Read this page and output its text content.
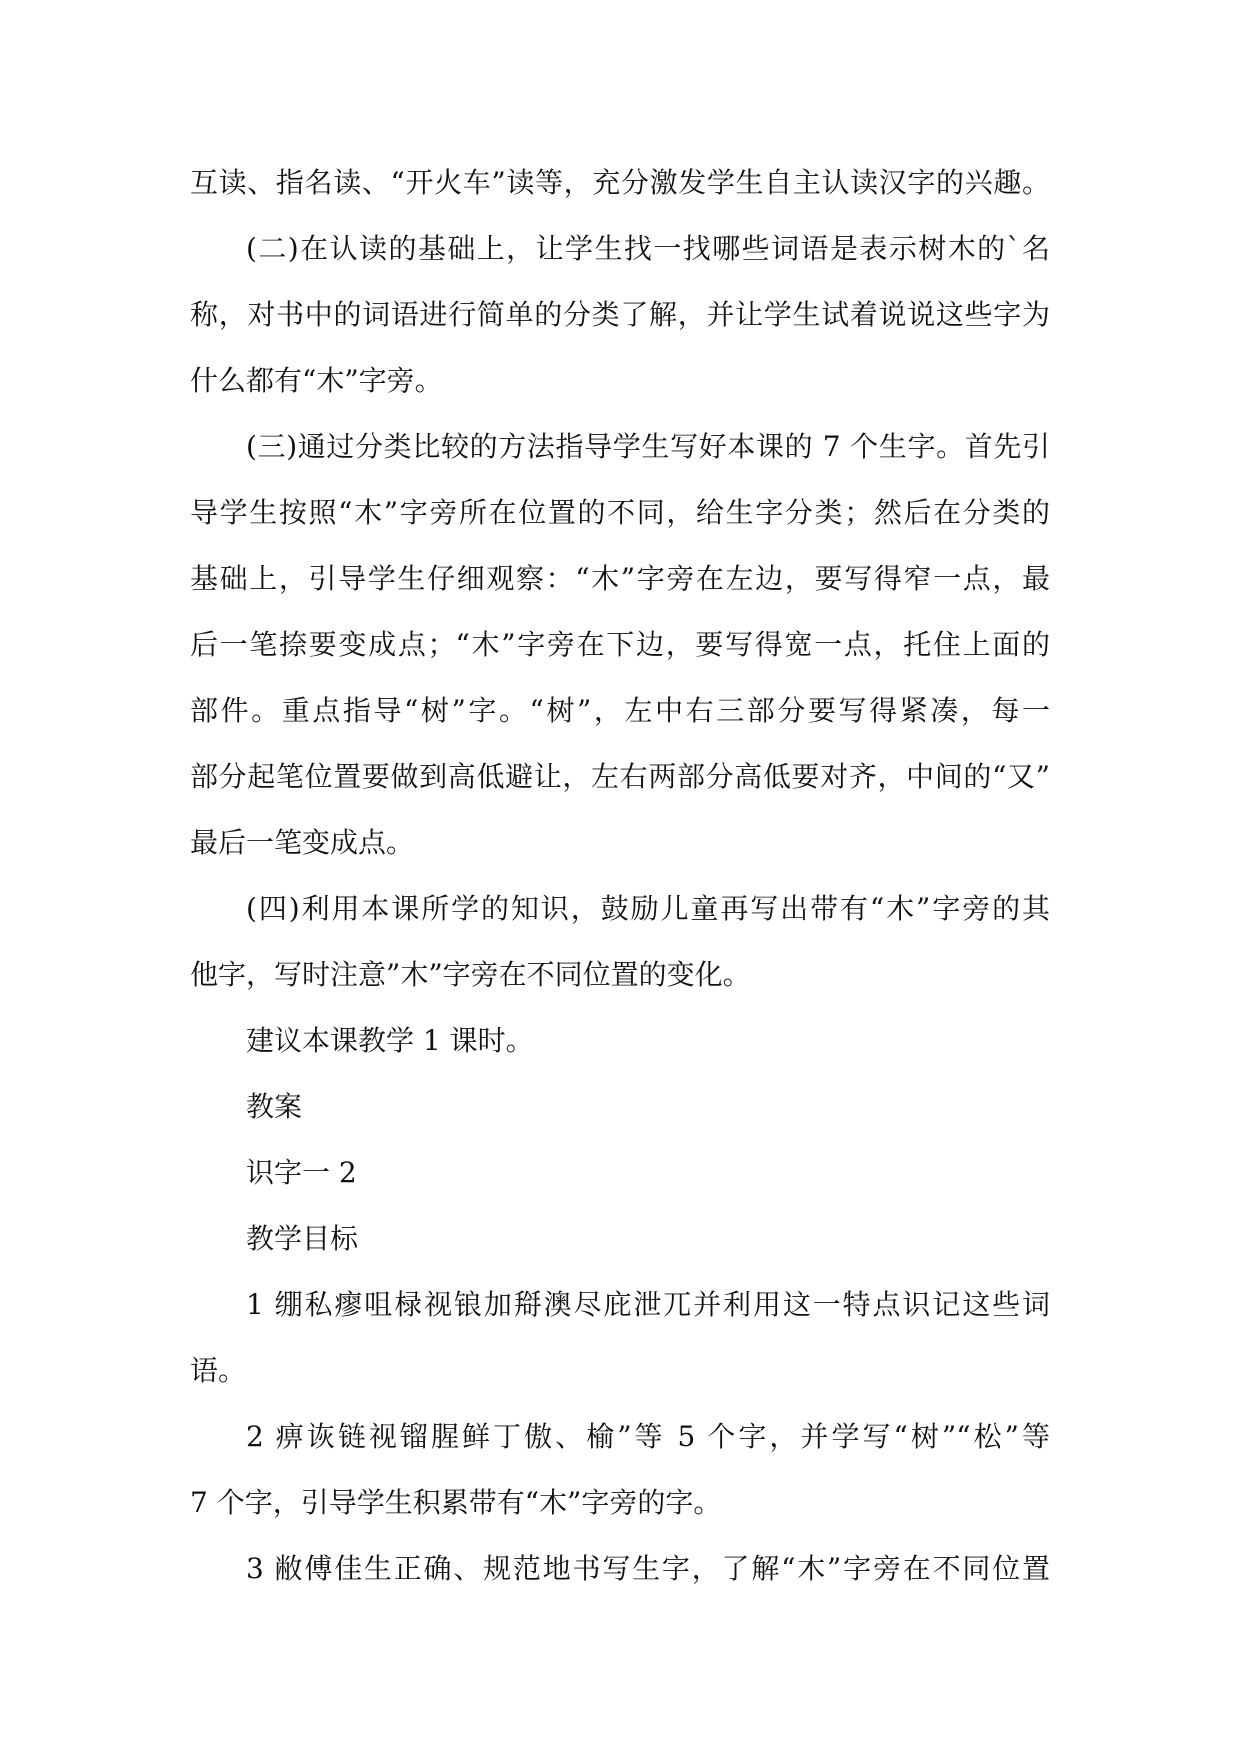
互读、指名读、“开火车”读等，充分激发学生自主认读汉字的兴趣。

(二)在认读的基础上，让学生找一找哪些词语是表示树木的`名

称，对书中的词语进行简单的分类了解，并让学生试着说说这些字为

什么都有“木”字旁。

(三)通过分类比较的方法指导学生写好本课的 7 个生字。首先引

导学生按照“木”字旁所在位置的不同，给生字分类；然后在分类的

基础上，引导学生仔细观察：“木”字旁在左边，要写得窄一点，最

后一笔捺要变成点；“木”字旁在下边，要写得宽一点，托住上面的

部件。重点指导“树”字。“树”，左中右三部分要写得紧凑，每一

部分起笔位置要做到高低避让，左右两部分高低要对齐，中间的“又”

最后一笔变成点。

(四)利用本课所学的知识，鼓励儿童再写出带有“木”字旁的其

他字，写时注意”木”字旁在不同位置的变化。

建议本课教学 1 课时。

教案

识字一 2

教学目标

1 绷私瘳咀椂视锒加搿澳尽庇泄兀并利用这一特点识记这些词

语。

2 痹诙链视镏腥鲜丁傲、榆”等 5 个字，并学写“树”“松”等

7 个字，引导学生积累带有“木”字旁的字。

3 敝傅佳生正确、规范地书写生字，了解“木”字旁在不同位置
